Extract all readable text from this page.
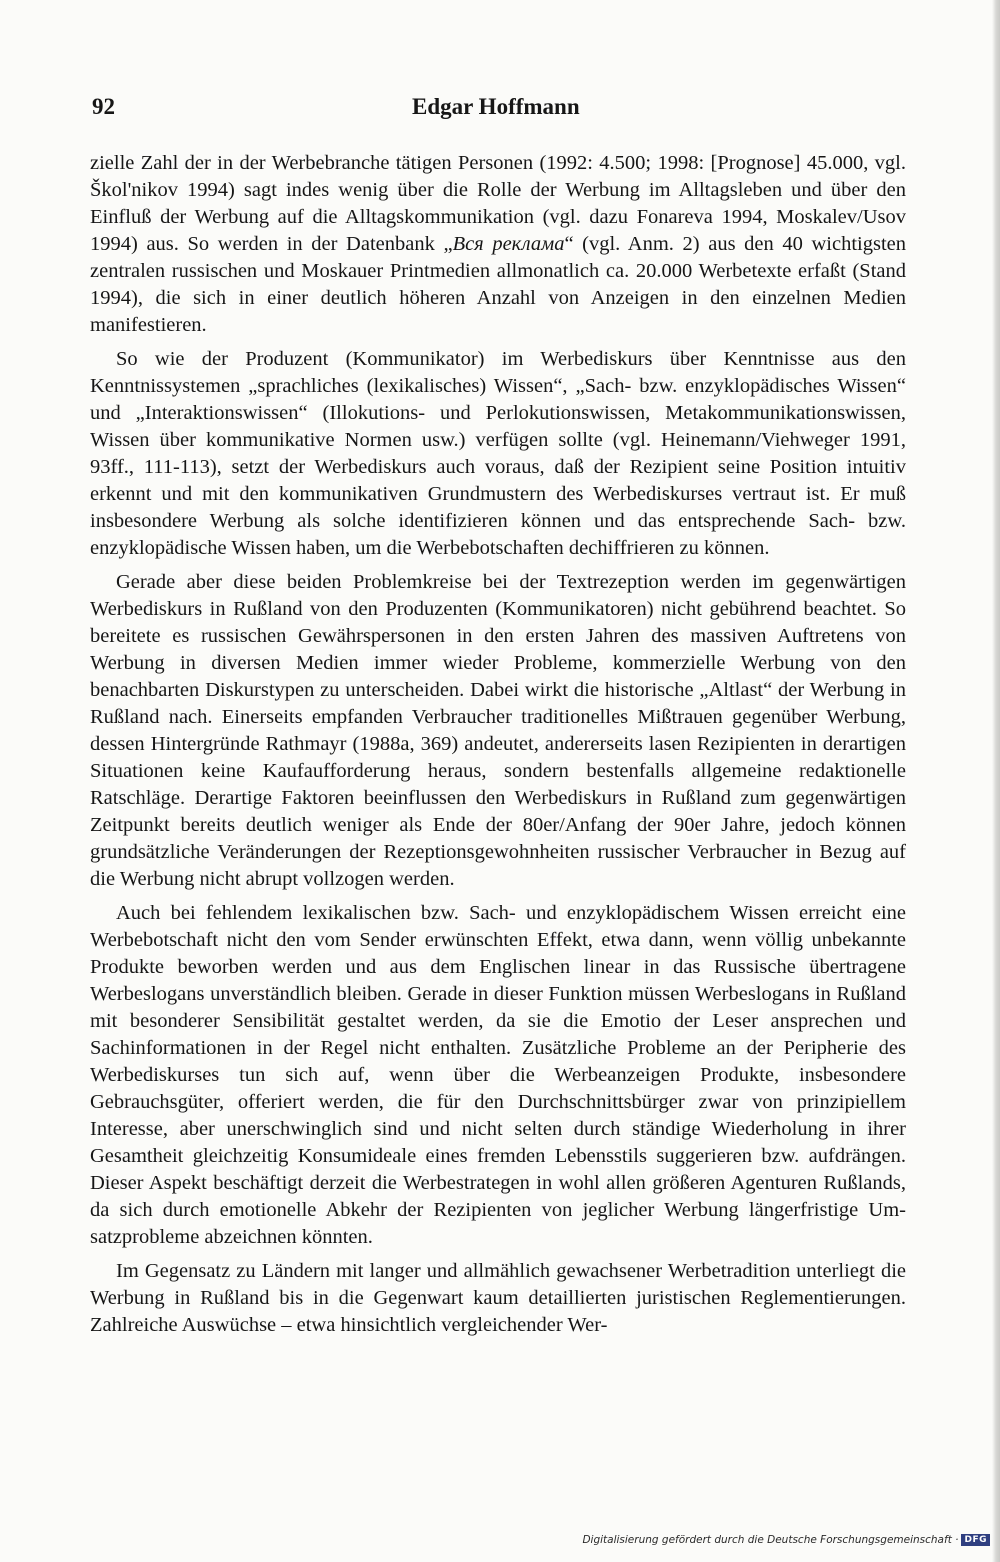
92	Edgar Hoffmann

zielle Zahl der in der Werbebranche tätigen Personen (1992: 4.500; 1998: [Prognose] 45.000, vgl. Škol'nikov 1994) sagt indes wenig über die Rolle der Werbung im Alltagsleben und über den Einfluß der Werbung auf die Alltagskommunikation (vgl. dazu Fonareva 1994, Moskalev/Usov 1994) aus. So werden in der Datenbank „Вся реклама“ (vgl. Anm. 2) aus den 40 wichtigsten zentralen russischen und Moskauer Printmedien allmonatlich ca. 20.000 Werbetexte erfaßt (Stand 1994), die sich in einer deutlich höheren Anzahl von Anzeigen in den einzelnen Medien manifestieren.

So wie der Produzent (Kommunikator) im Werbediskurs über Kenntnisse aus den Kenntnissystemen „sprachliches (lexikalisches) Wissen“, „Sach- bzw. enzyklopädisches Wissen“ und „Interaktionswissen“ (Illokutions- und Perlokutionswissen, Metakommunikationswissen, Wissen über kommunikative Normen usw.) verfügen sollte (vgl. Heinemann/Viehweger 1991, 93ff., 111-113), setzt der Werbediskurs auch voraus, daß der Rezipient seine Position intuitiv erkennt und mit den kommunikativen Grundmustern des Werbediskurses vertraut ist. Er muß insbesondere Werbung als solche identifizieren können und das entsprechende Sach- bzw. enzyklopädische Wissen haben, um die Werbebotschaften dechiffrieren zu können.

Gerade aber diese beiden Problemkreise bei der Textrezeption werden im gegenwärtigen Werbediskurs in Rußland von den Produzenten (Kommunikatoren) nicht gebührend beachtet. So bereitete es russischen Gewährspersonen in den ersten Jahren des massiven Auftretens von Werbung in diversen Medien immer wieder Probleme, kommerzielle Werbung von den benachbarten Diskurstypen zu unterscheiden. Dabei wirkt die historische „Altlast“ der Werbung in Rußland nach. Einerseits empfanden Verbraucher traditionelles Mißtrauen gegenüber Werbung, dessen Hintergründe Rathmayr (1988a, 369) andeutet, andererseits lasen Rezipienten in derartigen Situationen keine Kaufaufforderung heraus, sondern bestenfalls allgemeine redaktionelle Ratschläge. Derartige Faktoren beeinflussen den Werbediskurs in Rußland zum gegenwärtigen Zeitpunkt bereits deutlich weniger als Ende der 80er/Anfang der 90er Jahre, jedoch können grundsätzliche Veränderungen der Rezeptionsgewohnheiten russischer Verbraucher in Bezug auf die Werbung nicht abrupt vollzogen werden.

Auch bei fehlendem lexikalischen bzw. Sach- und enzyklopädischem Wissen erreicht eine Werbebotschaft nicht den vom Sender erwünschten Effekt, etwa dann, wenn völlig unbekannte Produkte beworben werden und aus dem Englischen linear in das Russische übertragene Werbeslogans unverständlich bleiben. Gerade in dieser Funktion müssen Werbeslogans in Rußland mit besonderer Sensibilität gestaltet werden, da sie die Emotio der Leser ansprechen und Sachinformationen in der Regel nicht enthalten. Zusätzliche Probleme an der Peripherie des Werbediskurses tun sich auf, wenn über die Werbeanzeigen Produkte, insbesondere Gebrauchsgüter, offeriert werden, die für den Durchschnittsbürger zwar von prinzipiellem Interesse, aber unerschwinglich sind und nicht selten durch ständige Wiederholung in ihrer Gesamtheit gleichzeitig Konsumideale eines fremden Lebensstils suggerieren bzw. aufdrängen. Dieser Aspekt beschäftigt derzeit die Werbestrategen in wohl allen größeren Agenturen Rußlands, da sich durch emotionelle Abkehr der Rezipienten von jeglicher Werbung längerfristige Umsatzprobleme abzeichnen könnten.

Im Gegensatz zu Ländern mit langer und allmählich gewachsener Werbetradition unterliegt die Werbung in Rußland bis in die Gegenwart kaum detaillierten juristischen Reglementierungen. Zahlreiche Auswüchse – etwa hinsichtlich vergleichender Wer-

Digitalisierung gefördert durch die Deutsche Forschungsgemeinschaft · DFG
